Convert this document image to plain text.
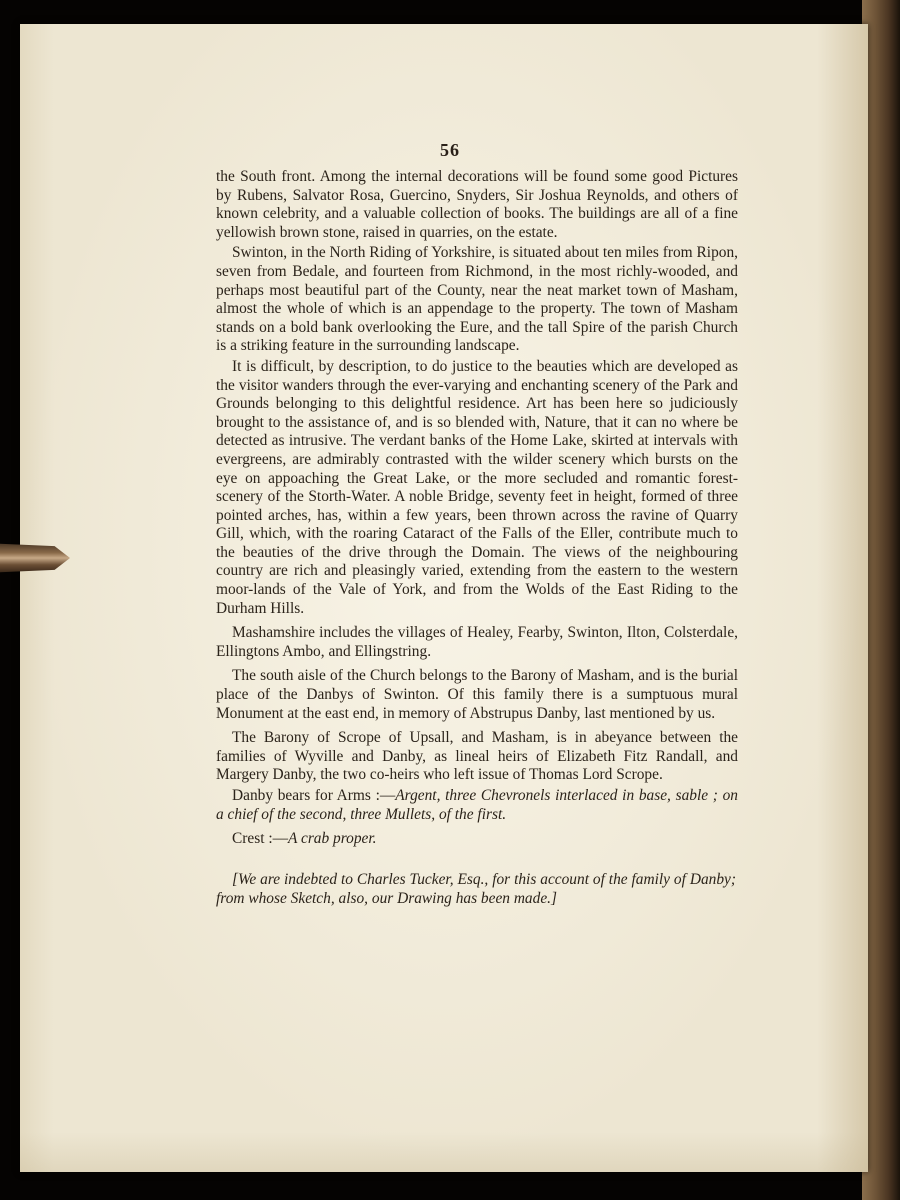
56

the South front. Among the internal decorations will be found some good Pictures by Rubens, Salvator Rosa, Guercino, Snyders, Sir Joshua Reynolds, and others of known celebrity, and a valuable collection of books. The buildings are all of a fine yellowish brown stone, raised in quarries, on the estate.

Swinton, in the North Riding of Yorkshire, is situated about ten miles from Ripon, seven from Bedale, and fourteen from Richmond, in the most richly-wooded, and perhaps most beautiful part of the County, near the neat market town of Masham, almost the whole of which is an appendage to the property. The town of Masham stands on a bold bank overlooking the Eure, and the tall Spire of the parish Church is a striking feature in the surrounding landscape.

It is difficult, by description, to do justice to the beauties which are developed as the visitor wanders through the ever-varying and enchanting scenery of the Park and Grounds belonging to this delightful residence. Art has been here so judiciously brought to the assistance of, and is so blended with, Nature, that it can no where be detected as intrusive. The verdant banks of the Home Lake, skirted at intervals with evergreens, are admirably contrasted with the wilder scenery which bursts on the eye on appoaching the Great Lake, or the more secluded and romantic forest-scenery of the Storth-Water. A noble Bridge, seventy feet in height, formed of three pointed arches, has, within a few years, been thrown across the ravine of Quarry Gill, which, with the roaring Cataract of the Falls of the Eller, contribute much to the beauties of the drive through the Domain. The views of the neighbouring country are rich and pleasingly varied, extending from the eastern to the western moor-lands of the Vale of York, and from the Wolds of the East Riding to the Durham Hills.

Mashamshire includes the villages of Healey, Fearby, Swinton, Ilton, Colsterdale, Ellingtons Ambo, and Ellingstring.

The south aisle of the Church belongs to the Barony of Masham, and is the burial place of the Danbys of Swinton. Of this family there is a sumptuous mural Monument at the east end, in memory of Abstrupus Danby, last mentioned by us.

The Barony of Scrope of Upsall, and Masham, is in abeyance between the families of Wyville and Danby, as lineal heirs of Elizabeth Fitz Randall, and Margery Danby, the two co-heirs who left issue of Thomas Lord Scrope.

Danby bears for Arms :—Argent, three Chevronels interlaced in base, sable ; on a chief of the second, three Mullets, of the first.

Crest :—A crab proper.

[We are indebted to Charles Tucker, Esq., for this account of the family of Danby; from whose Sketch, also, our Drawing has been made.]
